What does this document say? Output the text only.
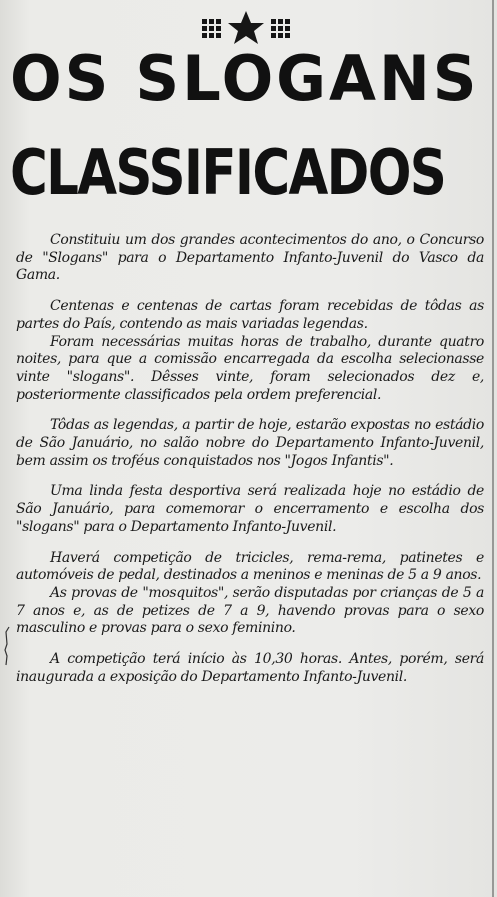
OS SLOGANS
CLASSIFICADOS

Constituiu um dos grandes acontecimentos do ano, o Concurso de "Slogans" para o Departamento Infanto-Juvenil do Vasco da Gama.

Centenas e centenas de cartas foram recebidas de tôdas as partes do País, contendo as mais variadas legendas.

Foram necessárias muitas horas de trabalho, durante quatro noites, para que a comissão encarregada da escolha selecionasse vinte "slogans". Dêsses vinte, foram selecionados dez e, posteriormente classificados pela ordem preferencial.

Tôdas as legendas, a partir de hoje, estarão expostas no estádio de São Januário, no salão nobre do Departamento Infanto-Juvenil, bem assim os troféus conquistados nos "Jogos Infantis".

Uma linda festa desportiva será realizada hoje no estádio de São Januário, para comemorar o encerramento e escolha dos "slogans" para o Departamento Infanto-Juvenil.

Haverá competição de tricicles, rema-rema, patinetes e automóveis de pedal, destinados a meninos e meninas de 5 a 9 anos.

As provas de "mosquitos", serão disputadas por crianças de 5 a 7 anos e, as de petizes de 7 a 9, havendo provas para o sexo masculino e provas para o sexo feminino.

A competição terá início às 10,30 horas. Antes, porém, será inaugurada a exposição do Departamento Infanto-Juvenil.
